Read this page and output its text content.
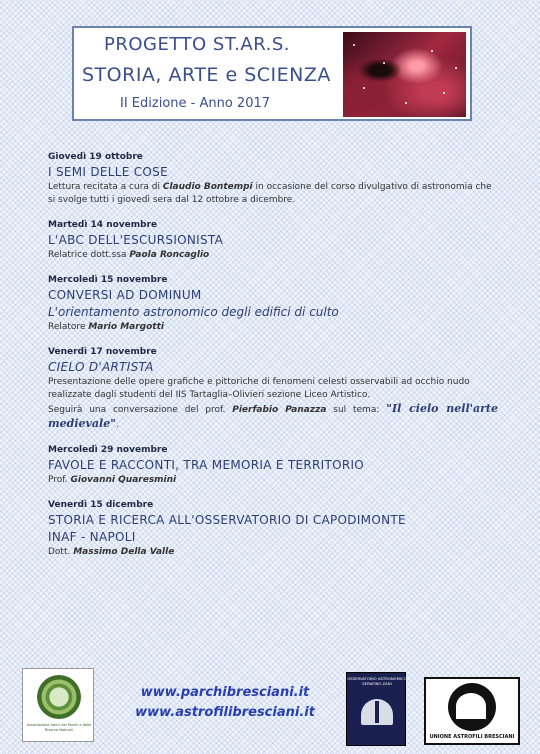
PROGETTO ST.AR.S.
STORIA, ARTE e SCIENZA
II Edizione - Anno 2017
Giovedì 19 ottobre
I SEMI DELLE COSE
Lettura recitata a cura di Claudio Bontempi in occasione del corso divulgativo di astronomia che si svolge tutti i giovedì sera dal 12 ottobre a dicembre.
Martedì 14 novembre
L'ABC DELL'ESCURSIONISTA
Relatrice dott.ssa Paola Roncaglio
Mercoledì 15 novembre
CONVERSI AD DOMINUM
L'orientamento astronomico degli edifici di culto
Relatore Mario Margotti
Venerdì 17 novembre
CIELO D'ARTISTA
Presentazione delle opere grafiche e pittoriche di fenomeni celesti osservabili ad occhio nudo realizzate dagli studenti del IIS Tartaglia–Olivieri sezione Liceo Artistico.
Seguirà una conversazione del prof. Pierfabio Panazza sul tema: "Il cielo nell'arte medievale".
Mercoledì 29 novembre
FAVOLE E RACCONTI, TRA MEMORIA E TERRITORIO
Prof. Giovanni Quaresmini
Venerdì 15 dicembre
STORIA E RICERCA ALL'OSSERVATORIO DI CAPODIMONTE
INAF - NAPOLI
Dott. Massimo Della Valle
Associazione Amici dei Parchi e delle Riserve Naturali
www.parchibresciani.it
www.astrofilibresciani.it
OSSERVATORIO ASTRONOMICO SERAFINO ZANI
UNIONE ASTROFILI BRESCIANI
